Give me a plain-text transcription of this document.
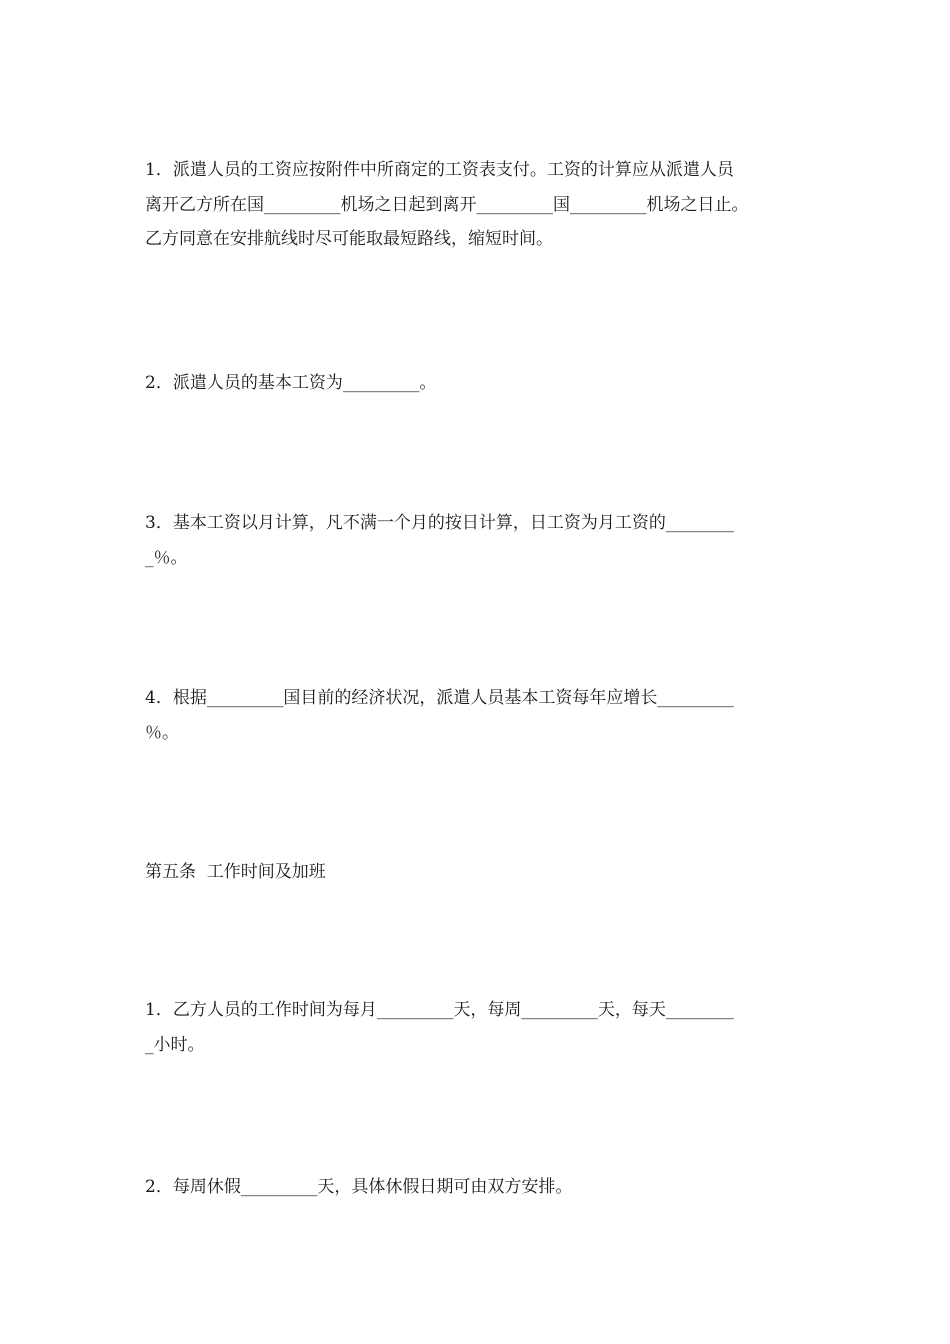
1．派遣人员的工资应按附件中所商定的工资表支付。工资的计算应从派遣人员
离开乙方所在国_________机场之日起到离开_________国_________机场之日止。
乙方同意在安排航线时尽可能取最短路线，缩短时间。

2．派遣人员的基本工资为_________。

3．基本工资以月计算，凡不满一个月的按日计算，日工资为月工资的________
_％。

4．根据_________国目前的经济状况，派遣人员基本工资每年应增长_________
％。

第五条  工作时间及加班

1．乙方人员的工作时间为每月_________天，每周_________天，每天________
_小时。

2．每周休假_________天，具体休假日期可由双方安排。
